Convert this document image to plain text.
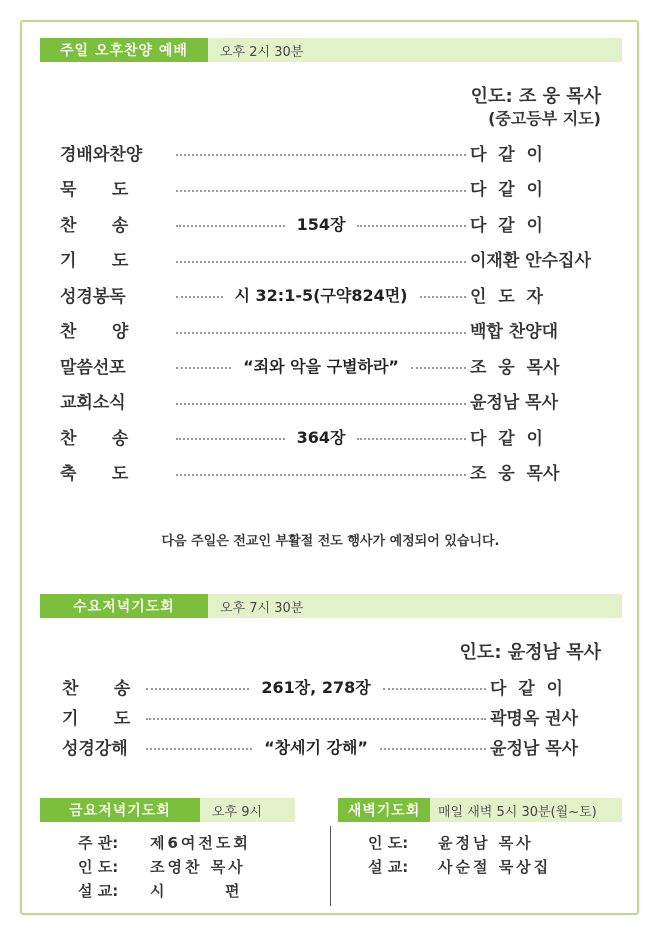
주일 오후찬양 예배	오후 2시 30분
인도: 조 웅 목사
(중고등부 지도)
경배와찬양	다  같  이
묵      도	다  같  이
찬      송	154장	다  같  이
기      도	이재환 안수집사
성경봉독	시 32:1-5(구약824면)	인  도  자
찬      양	백합 찬양대
말씀선포	“죄와 악을 구별하라”	조  웅  목사
교회소식	윤정남 목사
찬      송	364장	다  같  이
축      도	조  웅  목사
다음 주일은 전교인 부활절 전도 행사가 예정되어 있습니다.
수요저녁기도회	오후 7시 30분
인도: 윤정남 목사
찬      송	261장, 278장	다  같  이
기      도	곽명옥 권사
성경강해	“창세기 강해”	윤정남 목사
금요저녁기도회	오후 9시
주 관:	제6여전도회
인 도:	조영찬 목사
설 교:	시       편
새벽기도회	매일 새벽 5시 30분(월~토)
인 도:	윤정남 목사
설 교:	사순절 묵상집
